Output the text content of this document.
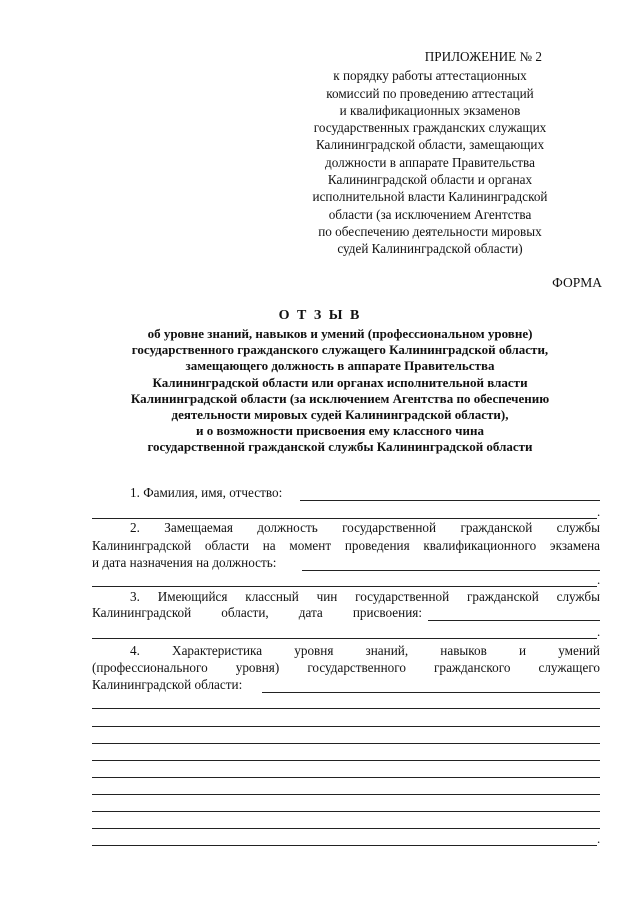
ПРИЛОЖЕНИЕ № 2
к порядку работы аттестационных
комиссий по проведению аттестаций
и квалификационных экзаменов
государственных гражданских служащих
Калининградской области, замещающих
должности в аппарате Правительства
Калининградской области и органах
исполнительной власти Калининградской
области (за исключением Агентства
по обеспечению деятельности мировых
судей Калининградской области)
ФОРМА
О Т З Ы В
об уровне знаний, навыков и умений (профессиональном уровне)
государственного гражданского служащего Калининградской области,
замещающего должность в аппарате Правительства
Калининградской области или органах исполнительной власти
Калининградской области (за исключением Агентства по обеспечению
деятельности мировых судей Калининградской области),
и о возможности присвоения ему классного чина
государственной гражданской службы Калининградской области
1. Фамилия, имя, отчество:
.
2. Замещаемая должность государственной гражданской службы
Калининградской области на момент проведения квалификационного экзамена
и дата назначения на должность:
.
3. Имеющийся классный чин государственной гражданской службы
Калининградской области, дата присвоения:
.
4. Характеристика уровня знаний, навыков и умений
(профессионального уровня) государственного гражданского служащего
Калининградской области:
.
